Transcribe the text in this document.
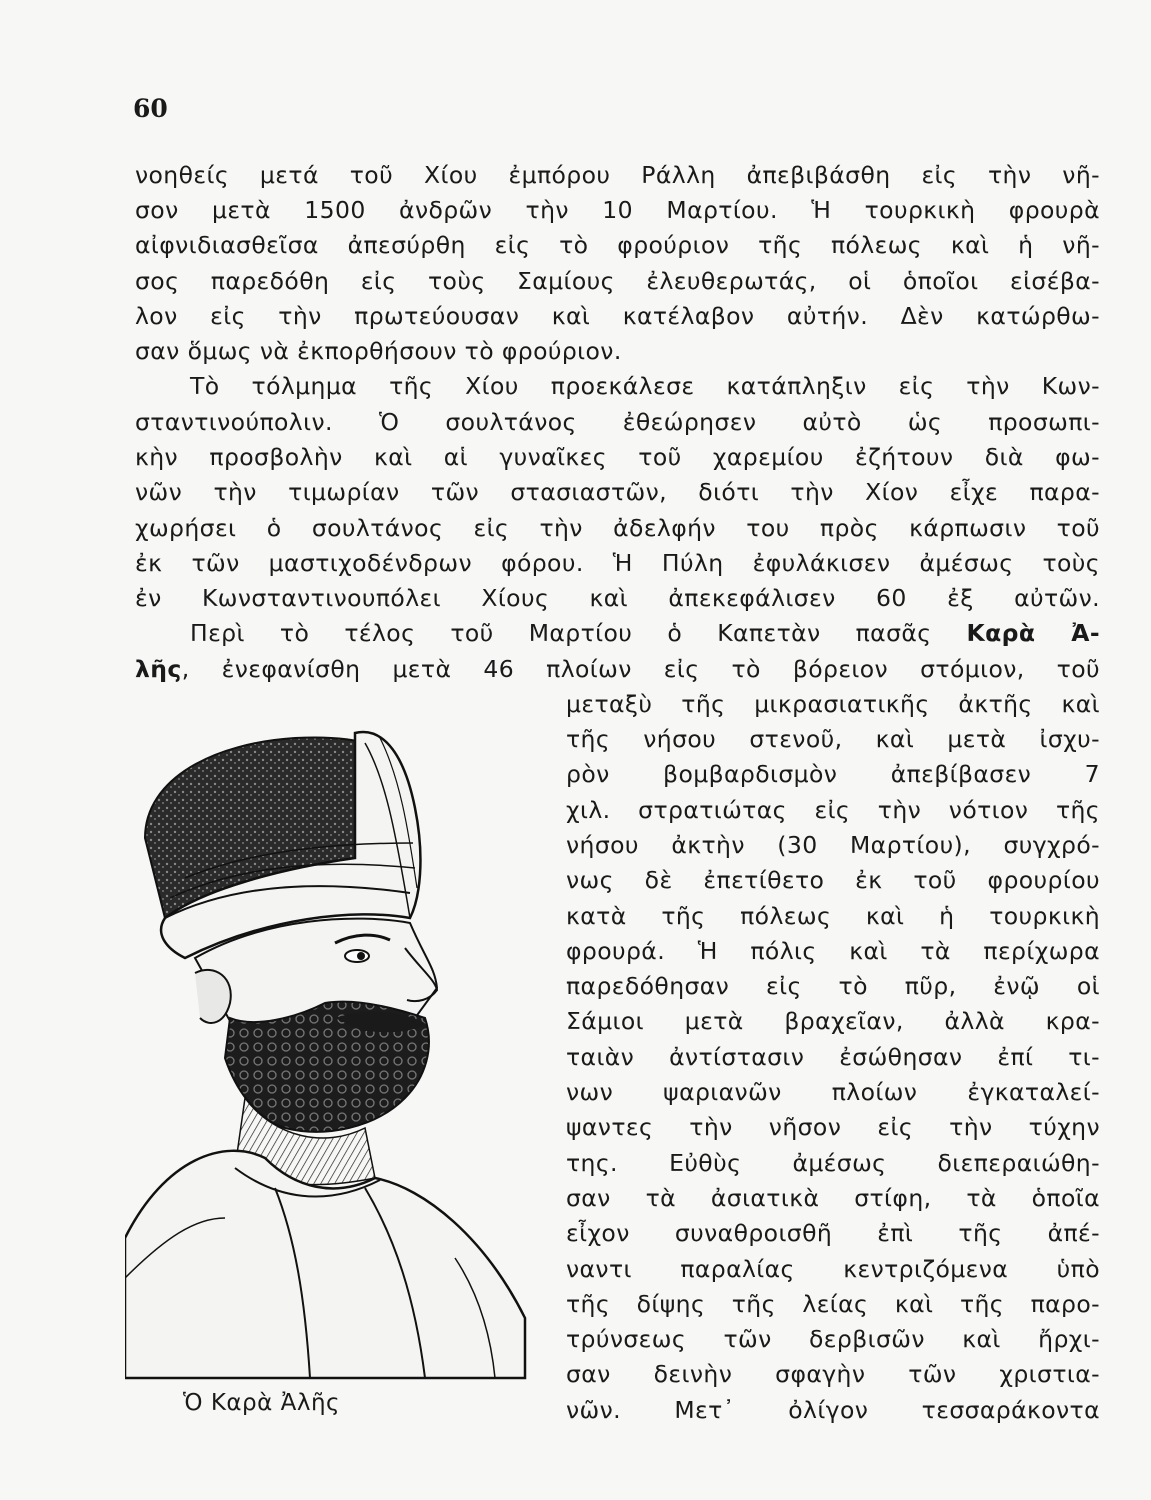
60
νοηθείς μετά τοῦ Χίου ἐμπόρου Ράλλη ἀπεβιβάσθη εἰς τὴν νῆ-
σον μετὰ 1500 ἀνδρῶν τὴν 10 Μαρτίου. Ἡ τουρκικὴ φρουρὰ
αἰφνιδιασθεῖσα ἀπεσύρθη εἰς τὸ φρούριον τῆς πόλεως καὶ ἡ νῆ-
σος παρεδόθη εἰς τοὺς Σαμίους ἐλευθερωτάς, οἱ ὁποῖοι εἰσέβα-
λον εἰς τὴν πρωτεύουσαν καὶ κατέλαβον αὐτήν. Δὲν κατώρθω-
σαν ὅμως νὰ ἐκπορθήσουν τὸ φρούριον.
Τὸ τόλμημα τῆς Χίου προεκάλεσε κατάπληξιν εἰς τὴν Κων-
σταντινούπολιν. Ὁ σουλτάνος ἐθεώρησεν αὐτὸ ὡς προσωπι-
κὴν προσβολὴν καὶ αἱ γυναῖκες τοῦ χαρεμίου ἐζήτουν διὰ φω-
νῶν τὴν τιμωρίαν τῶν στασιαστῶν, διότι τὴν Χίον εἶχε παρα-
χωρήσει ὁ σουλτάνος εἰς τὴν ἀδελφήν του πρὸς κάρπωσιν τοῦ
ἐκ τῶν μαστιχοδένδρων φόρου. Ἡ Πύλη ἐφυλάκισεν ἀμέσως τοὺς
ἐν Κωνσταντινουπόλει Χίους καὶ ἀπεκεφάλισεν 60 ἐξ αὐτῶν.
Περὶ τὸ τέλος τοῦ Μαρτίου ὁ Καπετὰν πασᾶς Καρὰ Ἀ-
λῆς, ἐνεφανίσθη μετὰ 46 πλοίων εἰς τὸ βόρειον στόμιον, τοῦ
μεταξὺ τῆς μικρασιατικῆς ἀκτῆς καὶ
τῆς νήσου στενοῦ, καὶ μετὰ ἰσχυ-
ρὸν βομβαρδισμὸν ἀπεβίβασεν 7
χιλ. στρατιώτας εἰς τὴν νότιον τῆς
νήσου ἀκτὴν (30 Μαρτίου), συγχρό-
νως δὲ ἐπετίθετο ἐκ τοῦ φρουρίου
κατὰ τῆς πόλεως καὶ ἡ τουρκικὴ
φρουρά. Ἡ πόλις καὶ τὰ περίχωρα
παρεδόθησαν εἰς τὸ πῦρ, ἐνῷ οἱ
Σάμιοι μετὰ βραχεῖαν, ἀλλὰ κρα-
ταιὰν ἀντίστασιν ἐσώθησαν ἐπί τι-
νων ψαριανῶν πλοίων ἐγκαταλεί-
ψαντες τὴν νῆσον εἰς τὴν τύχην
της. Εὐθὺς ἀμέσως διεπεραιώθη-
σαν τὰ ἀσιατικὰ στίφη, τὰ ὁποῖα
εἶχον συναθροισθῆ ἐπὶ τῆς ἀπέ-
ναντι παραλίας κεντριζόμενα ὑπὸ
τῆς δίψης τῆς λείας καὶ τῆς παρο-
τρύνσεως τῶν δερβισῶν καὶ ἤρχι-
σαν δεινὴν σφαγὴν τῶν χριστια-
νῶν. Μετ᾽ ὀλίγον τεσσαράκοντα
Ὁ Καρὰ Ἀλῆς
